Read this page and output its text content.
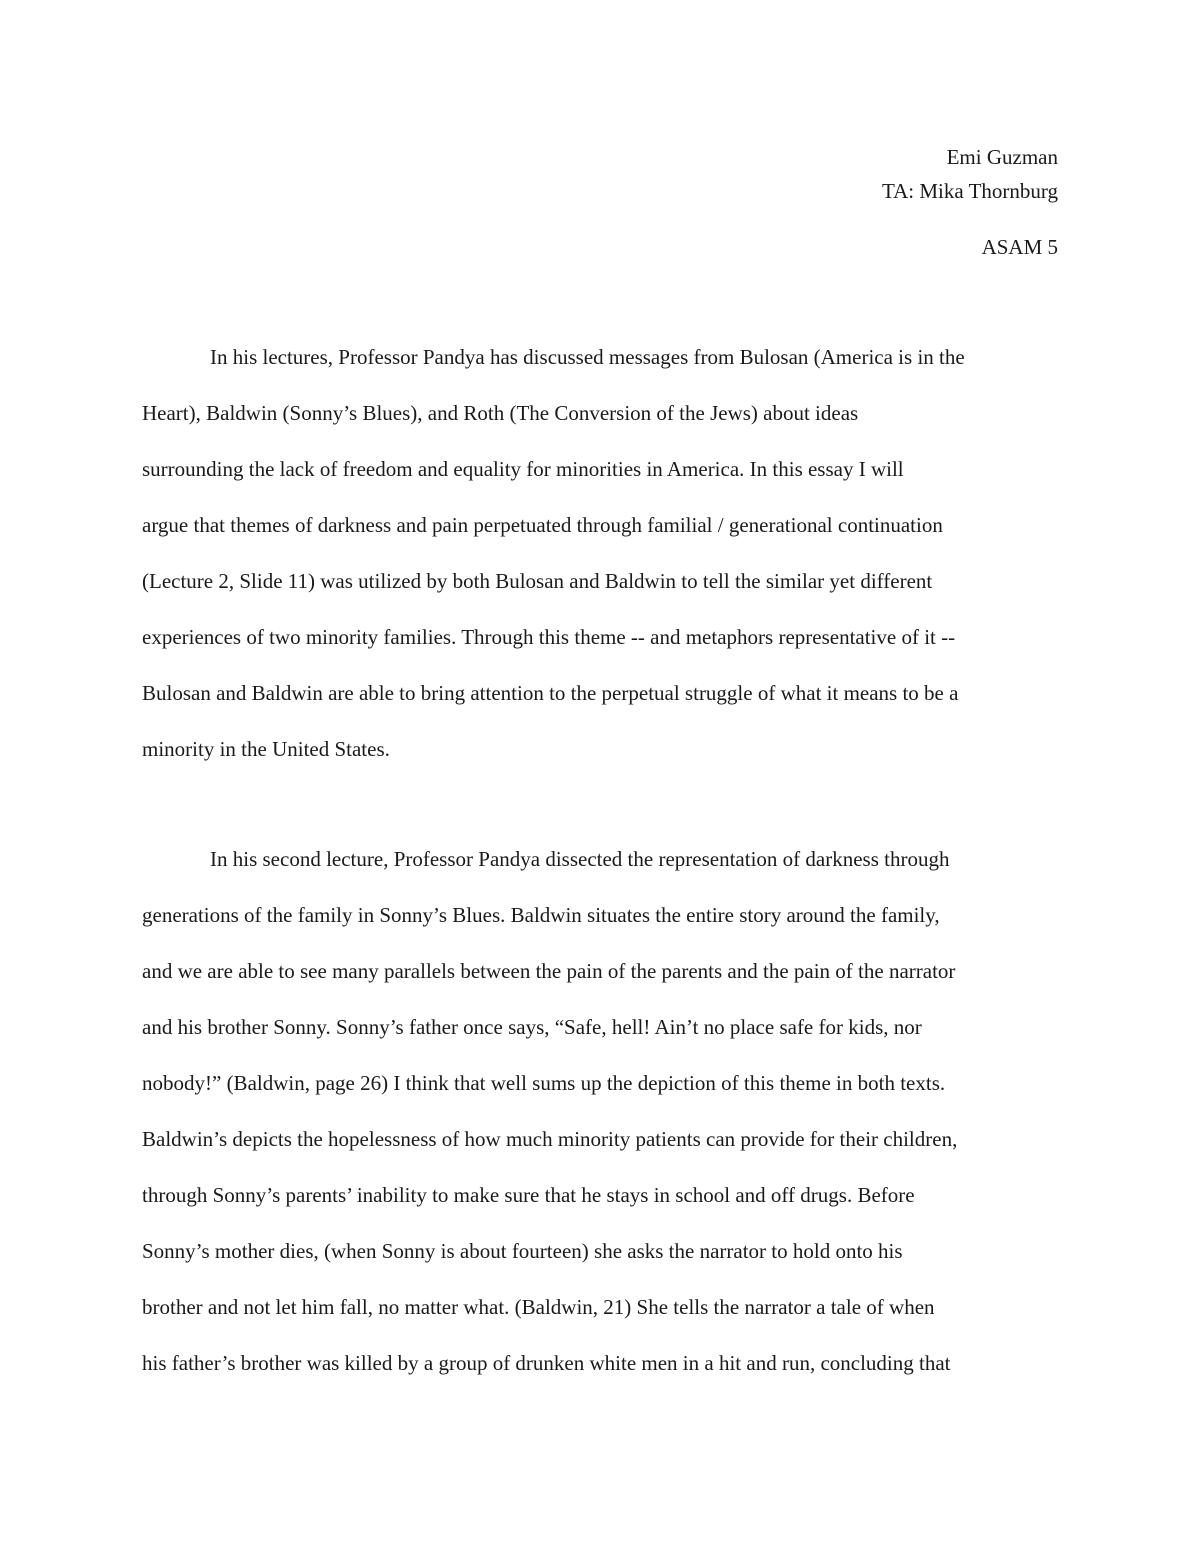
Emi Guzman
TA: Mika Thornburg
ASAM 5

In his lectures, Professor Pandya has discussed messages from Bulosan (America is in the
Heart), Baldwin (Sonny’s Blues), and Roth (The Conversion of the Jews) about ideas
surrounding the lack of freedom and equality for minorities in America. In this essay I will
argue that themes of darkness and pain perpetuated through familial / generational continuation
(Lecture 2, Slide 11) was utilized by both Bulosan and Baldwin to tell the similar yet different
experiences of two minority families. Through this theme -- and metaphors representative of it --
Bulosan and Baldwin are able to bring attention to the perpetual struggle of what it means to be a
minority in the United States.

In his second lecture, Professor Pandya dissected the representation of darkness through
generations of the family in Sonny’s Blues. Baldwin situates the entire story around the family,
and we are able to see many parallels between the pain of the parents and the pain of the narrator
and his brother Sonny. Sonny’s father once says, “Safe, hell! Ain’t no place safe for kids, nor
nobody!” (Baldwin, page 26) I think that well sums up the depiction of this theme in both texts.
Baldwin’s depicts the hopelessness of how much minority patients can provide for their children,
through Sonny’s parents’ inability to make sure that he stays in school and off drugs. Before
Sonny’s mother dies, (when Sonny is about fourteen) she asks the narrator to hold onto his
brother and not let him fall, no matter what. (Baldwin, 21) She tells the narrator a tale of when
his father’s brother was killed by a group of drunken white men in a hit and run, concluding that
